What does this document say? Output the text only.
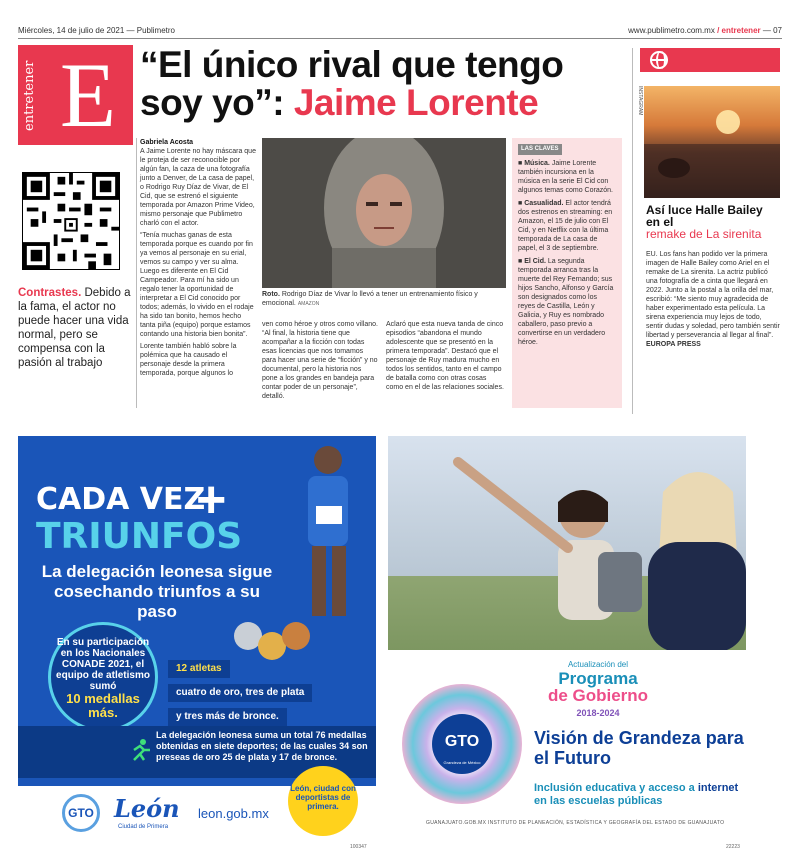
Miércoles, 14 de julio de 2021 — Publimetro	www.publimetro.com.mx / entretener — 07
entretener E “El único rival que tengo soy yo”: Jaime Lorente
Contrastes. Debido a la fama, el actor no puede hacer una vida normal, pero se compensa con la pasión al trabajo
Gabriela Acosta

A Jaime Lorente no hay máscara que le proteja de ser reconocible por algún fan, la caza de una fotografía junto a Denver, de La casa de papel, o Rodrigo Ruy Díaz de Vivar, de El Cid, que se estrenó el siguiente temporada por Amazon Prime Video, mismo personaje que Publimetro charló con el actor.

“Tenía muchas ganas de esta temporada porque es cuando por fin ya vemos al personaje en su erial, vemos su campo y ver su alma. Luego es diferente en El Cid Campeador. Para mí ha sido un regalo tener la oportunidad de interpretar a El Cid conocido por todos; además, lo vivido en el rodaje ha sido tan bonito, hemos hecho tanta piña (equipo) porque estamos contando una historia bien bonita”.

Lorente también habló sobre la polémica que ha causado el personaje desde la primera temporada, porque algunos lo

Roto. Rodrigo Díaz de Vivar lo llevó a tener un entrenamiento físico y emocional. AMAZON

ven como héroe y otros como villano. “Al final, la historia tiene que acompañar a la ficción con todas esas licencias que nos tomamos para hacer una serie de “ficción” y no documental, pero la historia nos pone a los grandes en bandeja para contar poder de un personaje”, detalló.

Aclaró que esta nueva tanda de cinco episodios “abandona el mundo adolescente que se presentó en la primera temporada”. Destacó que el personaje de Ruy madura mucho en todos los sentidos, tanto en el campo de batalla como con otras cosas como en el de las relaciones sociales.

LAS CLAVES

■ Música. Jaime Lorente también incursiona en la música en la serie El Cid con algunos temas como Corazón.

■ Casualidad. El actor tendrá dos estrenos en streaming: en Amazon, el 15 de julio con El Cid, y en Netflix con la última temporada de La casa de papel, el 3 de septiembre.

■ El Cid. La segunda temporada arranca tras la muerte del Rey Fernando; sus hijos Sancho, Alfonso y García son designados como los reyes de Castilla, León y Galicia, y Ruy es nombrado caballero, paso previo a convertirse en un verdadero héroe.

INSTAGRAM
Así luce Halle Bailey en el
remake de La sirenita
EU. Los fans han podido ver la primera imagen de Halle Bailey como Ariel en el remake de La sirenita. La actriz publicó una fotografía de a cinta que llegará en 2022. Junto a la postal a la orilla del mar, escribió: “Me siento muy agradecida de haber experimentado esta película. La sirena experiencia muy lejos de todo, sentir dudas y soledad, pero también sentir libertad y perseverancia al llegar al final”. EUROPA PRESS
CADA VEZ
+
TRIUNFOS
La delegación leonesa sigue cosechando triunfos a su paso
En su participación en los Nacionales CONADE 2021, el equipo de atletismo sumó
10 medallas más.
12 atletas
cuatro de oro, tres de plata
y tres más de bronce.
La delegación leonesa suma un total 76 medallas obtenidas en siete deportes; de las cuales 34 son preseas de oro 25 de plata y 17 de bronce.
GTO León
Ciudad de Primera
leon.gob.mx
León, ciudad con deportistas de primera.
100347
GTO
Grandeza de México
Actualización del
Programa
de Gobierno
2018-2024
Visión de Grandeza para el Futuro
Inclusión educativa y acceso a internet en las escuelas públicas
GUANAJUATO.GOB.MX INSTITUTO DE PLANEACIÓN, ESTADÍSTICA Y GEOGRAFÍA DEL ESTADO DE GUANAJUATO
22223
